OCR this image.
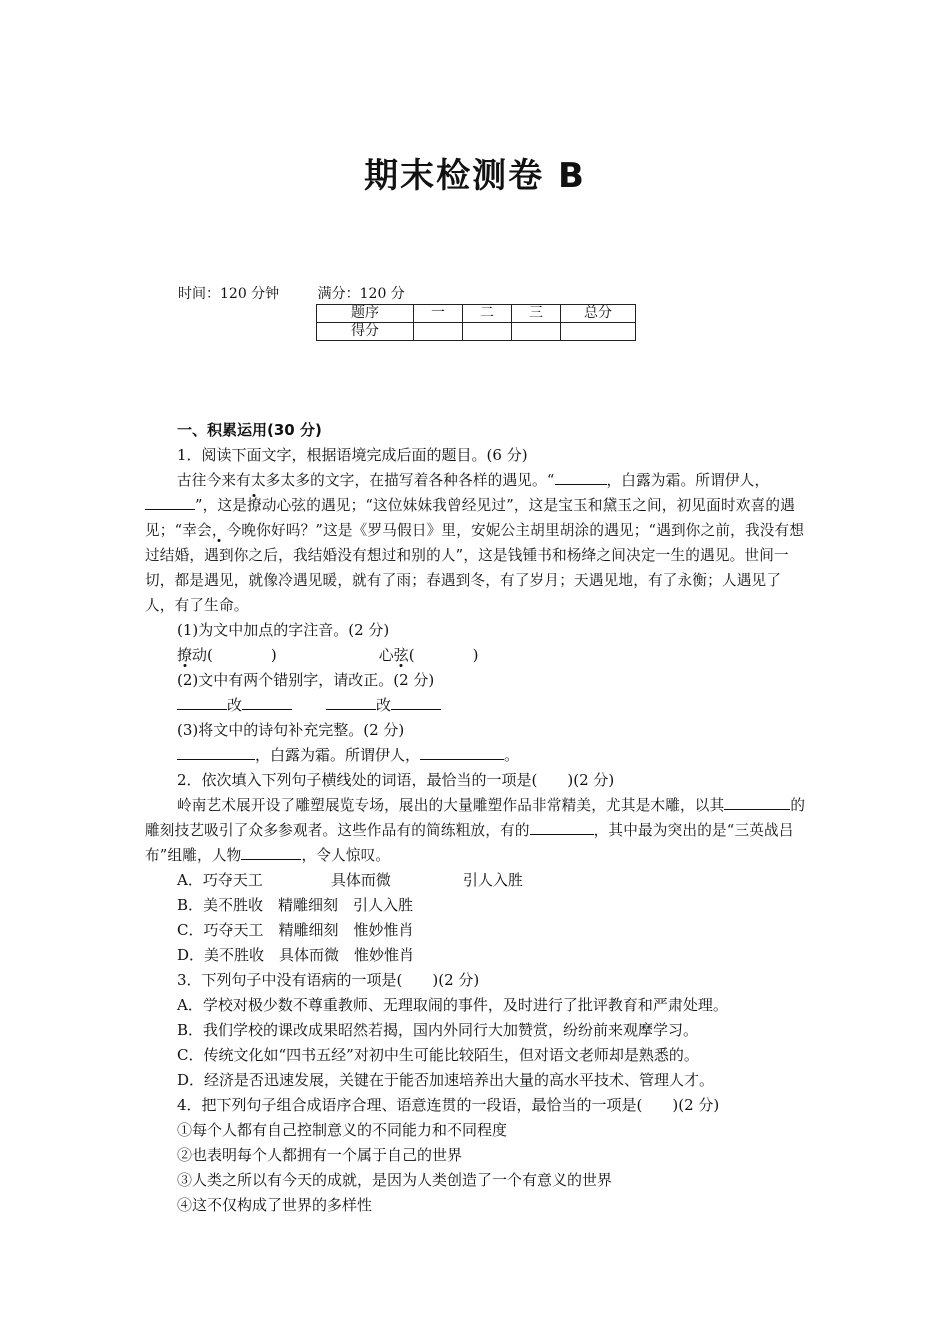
期末检测卷 B
时间：120 分钟	满分：120 分
题序	一	二	三	总分
得分				

一、积累运用(30 分)

1．阅读下面文字，根据语境完成后面的题目。(6 分)

古往今来有太多太多的文字，在描写着各种各样的遇见。“	，白露为霜。所谓伊人，”，这是撩动心弦的遇见；“这位妹妹我曾经见过”，这是宝玉和黛玉之间，初见面时欢喜的遇见；“幸会，今晚你好吗？”这是《罗马假日》里，安妮公主胡里胡涂的遇见；“遇到你之前，我没有想过结婚，遇到你之后，我结婚没有想过和别的人”，这是钱锺书和杨绛之间决定一生的遇见。世间一切，都是遇见，就像冷遇见暖，就有了雨；春遇到冬，有了岁月；天遇见地，有了永衡；人遇见了人，有了生命。

(1)为文中加点的字注音。(2 分)

撩动(	)	心弦(	)

(2)文中有两个错别字，请改正。(2 分)

改	改

(3)将文中的诗句补充完整。(2 分)

，白露为霜。所谓伊人，	。

2．依次填入下列句子横线处的词语，最恰当的一项是(　　)(2 分)

岭南艺术展开设了雕塑展览专场，展出的大量雕塑作品非常精美，尤其是木雕，以其	的雕刻技艺吸引了众多参观者。这些作品有的简练粗放，有的	，其中最为突出的是“三英战吕布”组雕，人物	，令人惊叹。

A．巧夺天工	具体而微	引人入胜

B．美不胜收　精雕细刻　引人入胜

C．巧夺天工　精雕细刻　惟妙惟肖

D．美不胜收　具体而微　惟妙惟肖

3．下列句子中没有语病的一项是(　　)(2 分)

A．学校对极少数不尊重教师、无理取闹的事件，及时进行了批评教育和严肃处理。

B．我们学校的课改成果昭然若揭，国内外同行大加赞赏，纷纷前来观摩学习。

C．传统文化如“四书五经”对初中生可能比较陌生，但对语文老师却是熟悉的。

D．经济是否迅速发展，关键在于能否加速培养出大量的高水平技术、管理人才。

4．把下列句子组合成语序合理、语意连贯的一段语，最恰当的一项是(　　)(2 分)

①每个人都有自己控制意义的不同能力和不同程度

②也表明每个人都拥有一个属于自己的世界

③人类之所以有今天的成就，是因为人类创造了一个有意义的世界

④这不仅构成了世界的多样性
